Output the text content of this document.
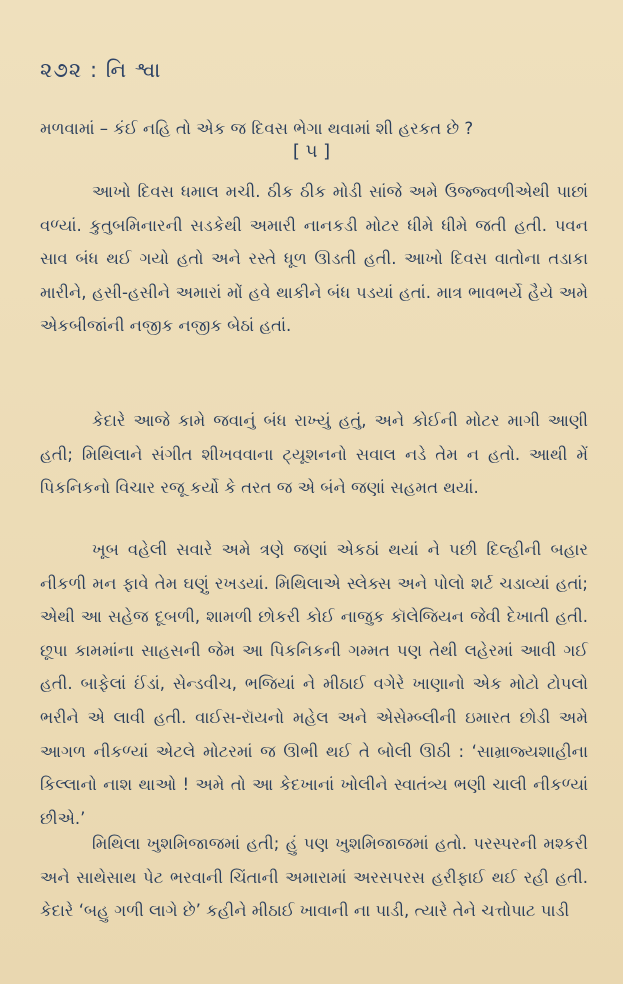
૨૭૨ : નિ શ્વા
મળવામાં – કંઈ નહિ તો એક જ દિવસ ભેગા થવામાં શી હરકત છે ?
[ ૫ ]

આખો દિવસ ધમાલ મચી. ઠીક ઠીક મોડી સાંજે અમે ઉજ્જ્વળીએથી પાછાં વળ્યાં. કુતુબમિનારની સડકેથી અમારી નાનકડી મોટર ધીમે ધીમે જતી હતી. પવન સાવ બંધ થઈ ગયો હતો અને રસ્તે ધૂળ ઊડતી હતી. આખો દિવસ વાતોના તડાકા મારીને, હસી-હસીને અમારાં મોં હવે થાકીને બંધ પડયાં હતાં. માત્ર ભાવભર્યે હૈયે અમે એકબીજાંની નજીક નજીક બેઠાં હતાં.

કેદારે આજે કામે જવાનું બંધ રાખ્યું હતું, અને કોઈની મોટર માગી આણી હતી; મિથિલાને સંગીત શીખવવાના ટ્યૂશનનો સવાલ નડે તેમ ન હતો. આથી મેં પિકનિકનો વિચાર રજૂ કર્યો કે તરત જ એ બંને જણાં સહમત થયાં.

ખૂબ વહેલી સવારે અમે ત્રણે જણાં એકઠાં થયાં ને પછી દિલ્હીની બહાર નીકળી મન ફાવે તેમ ઘણું રખડયાં. મિથિલાએ સ્લેક્સ અને પોલો શર્ટ ચડાવ્યાં હતાં; એથી આ સહેજ દૂબળી, શામળી છોકરી કોઈ નાજુક કૉલેજિયન જેવી દેખાતી હતી. છૂપા કામમાંના સાહસની જેમ આ પિકનિકની ગમ્મત પણ તેથી લહેરમાં આવી ગઈ હતી. બાફેલાં ઈંડાં, સેન્ડવીચ, ભજિયાં ને મીઠાઈ વગેરે ખાણાનો એક મોટો ટોપલો ભરીને એ લાવી હતી. વાઈસ-રૉયનો મહેલ અને એસેમ્બ્લીની ઇમારત છોડી અમે આગળ નીકળ્યાં એટલે મોટરમાં જ ઊભી થઈ તે બોલી ઊઠી : ‘સામ્રાજ્યશાહીના કિલ્લાનો નાશ થાઓ ! અમે તો આ કેદખાનાં ખોલીને સ્વાતંત્ર્ય ભણી ચાલી નીકળ્યાં છીએ.’

મિથિલા ખુશમિજાજમાં હતી; હું પણ ખુશમિજાજમાં હતો. પરસ્પરની મશ્કરી અને સાથેસાથ પેટ ભરવાની ચિંતાની અમારામાં અરસપરસ હરીફાઈ થઈ રહી હતી. કેદારે ‘બહુ ગળી લાગે છે’ કહીને મીઠાઈ ખાવાની ના પાડી, ત્યારે તેને ચત્તોપાટ પાડી
